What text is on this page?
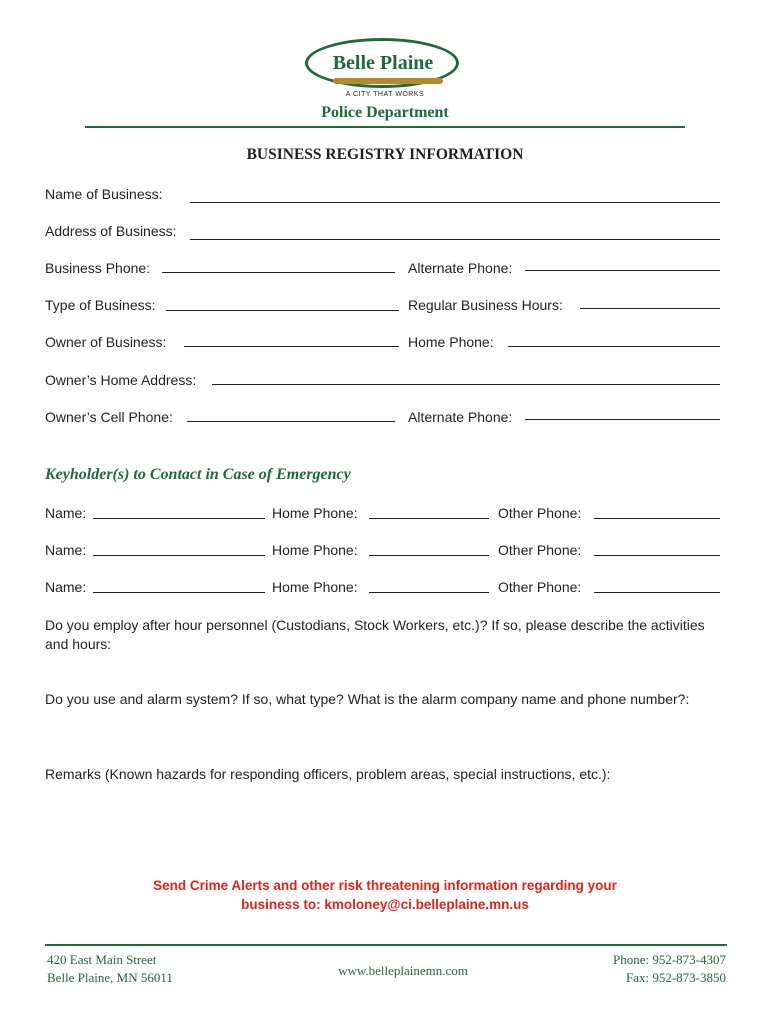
Belle Plaine
A CITY THAT WORKS
Police Department
BUSINESS REGISTRY INFORMATION
Name of Business:
Address of Business:
Business Phone:	Alternate Phone:
Type of Business:	Regular Business Hours:
Owner of Business:	Home Phone:
Owner’s Home Address:
Owner’s Cell Phone:	Alternate Phone:
Keyholder(s) to Contact in Case of Emergency
Name:	Home Phone:	Other Phone:
Name:	Home Phone:	Other Phone:
Name:	Home Phone:	Other Phone:
Do you employ after hour personnel (Custodians, Stock Workers, etc.)? If so, please describe the activities and hours:
Do you use and alarm system? If so, what type? What is the alarm company name and phone number?:
Remarks (Known hazards for responding officers, problem areas, special instructions, etc.):
Send Crime Alerts and other risk threatening information regarding your
business to: kmoloney@ci.belleplaine.mn.us
420 East Main Street
Belle Plaine, MN 56011	www.belleplainemn.com
Phone: 952-873-4307
Fax: 952-873-3850
